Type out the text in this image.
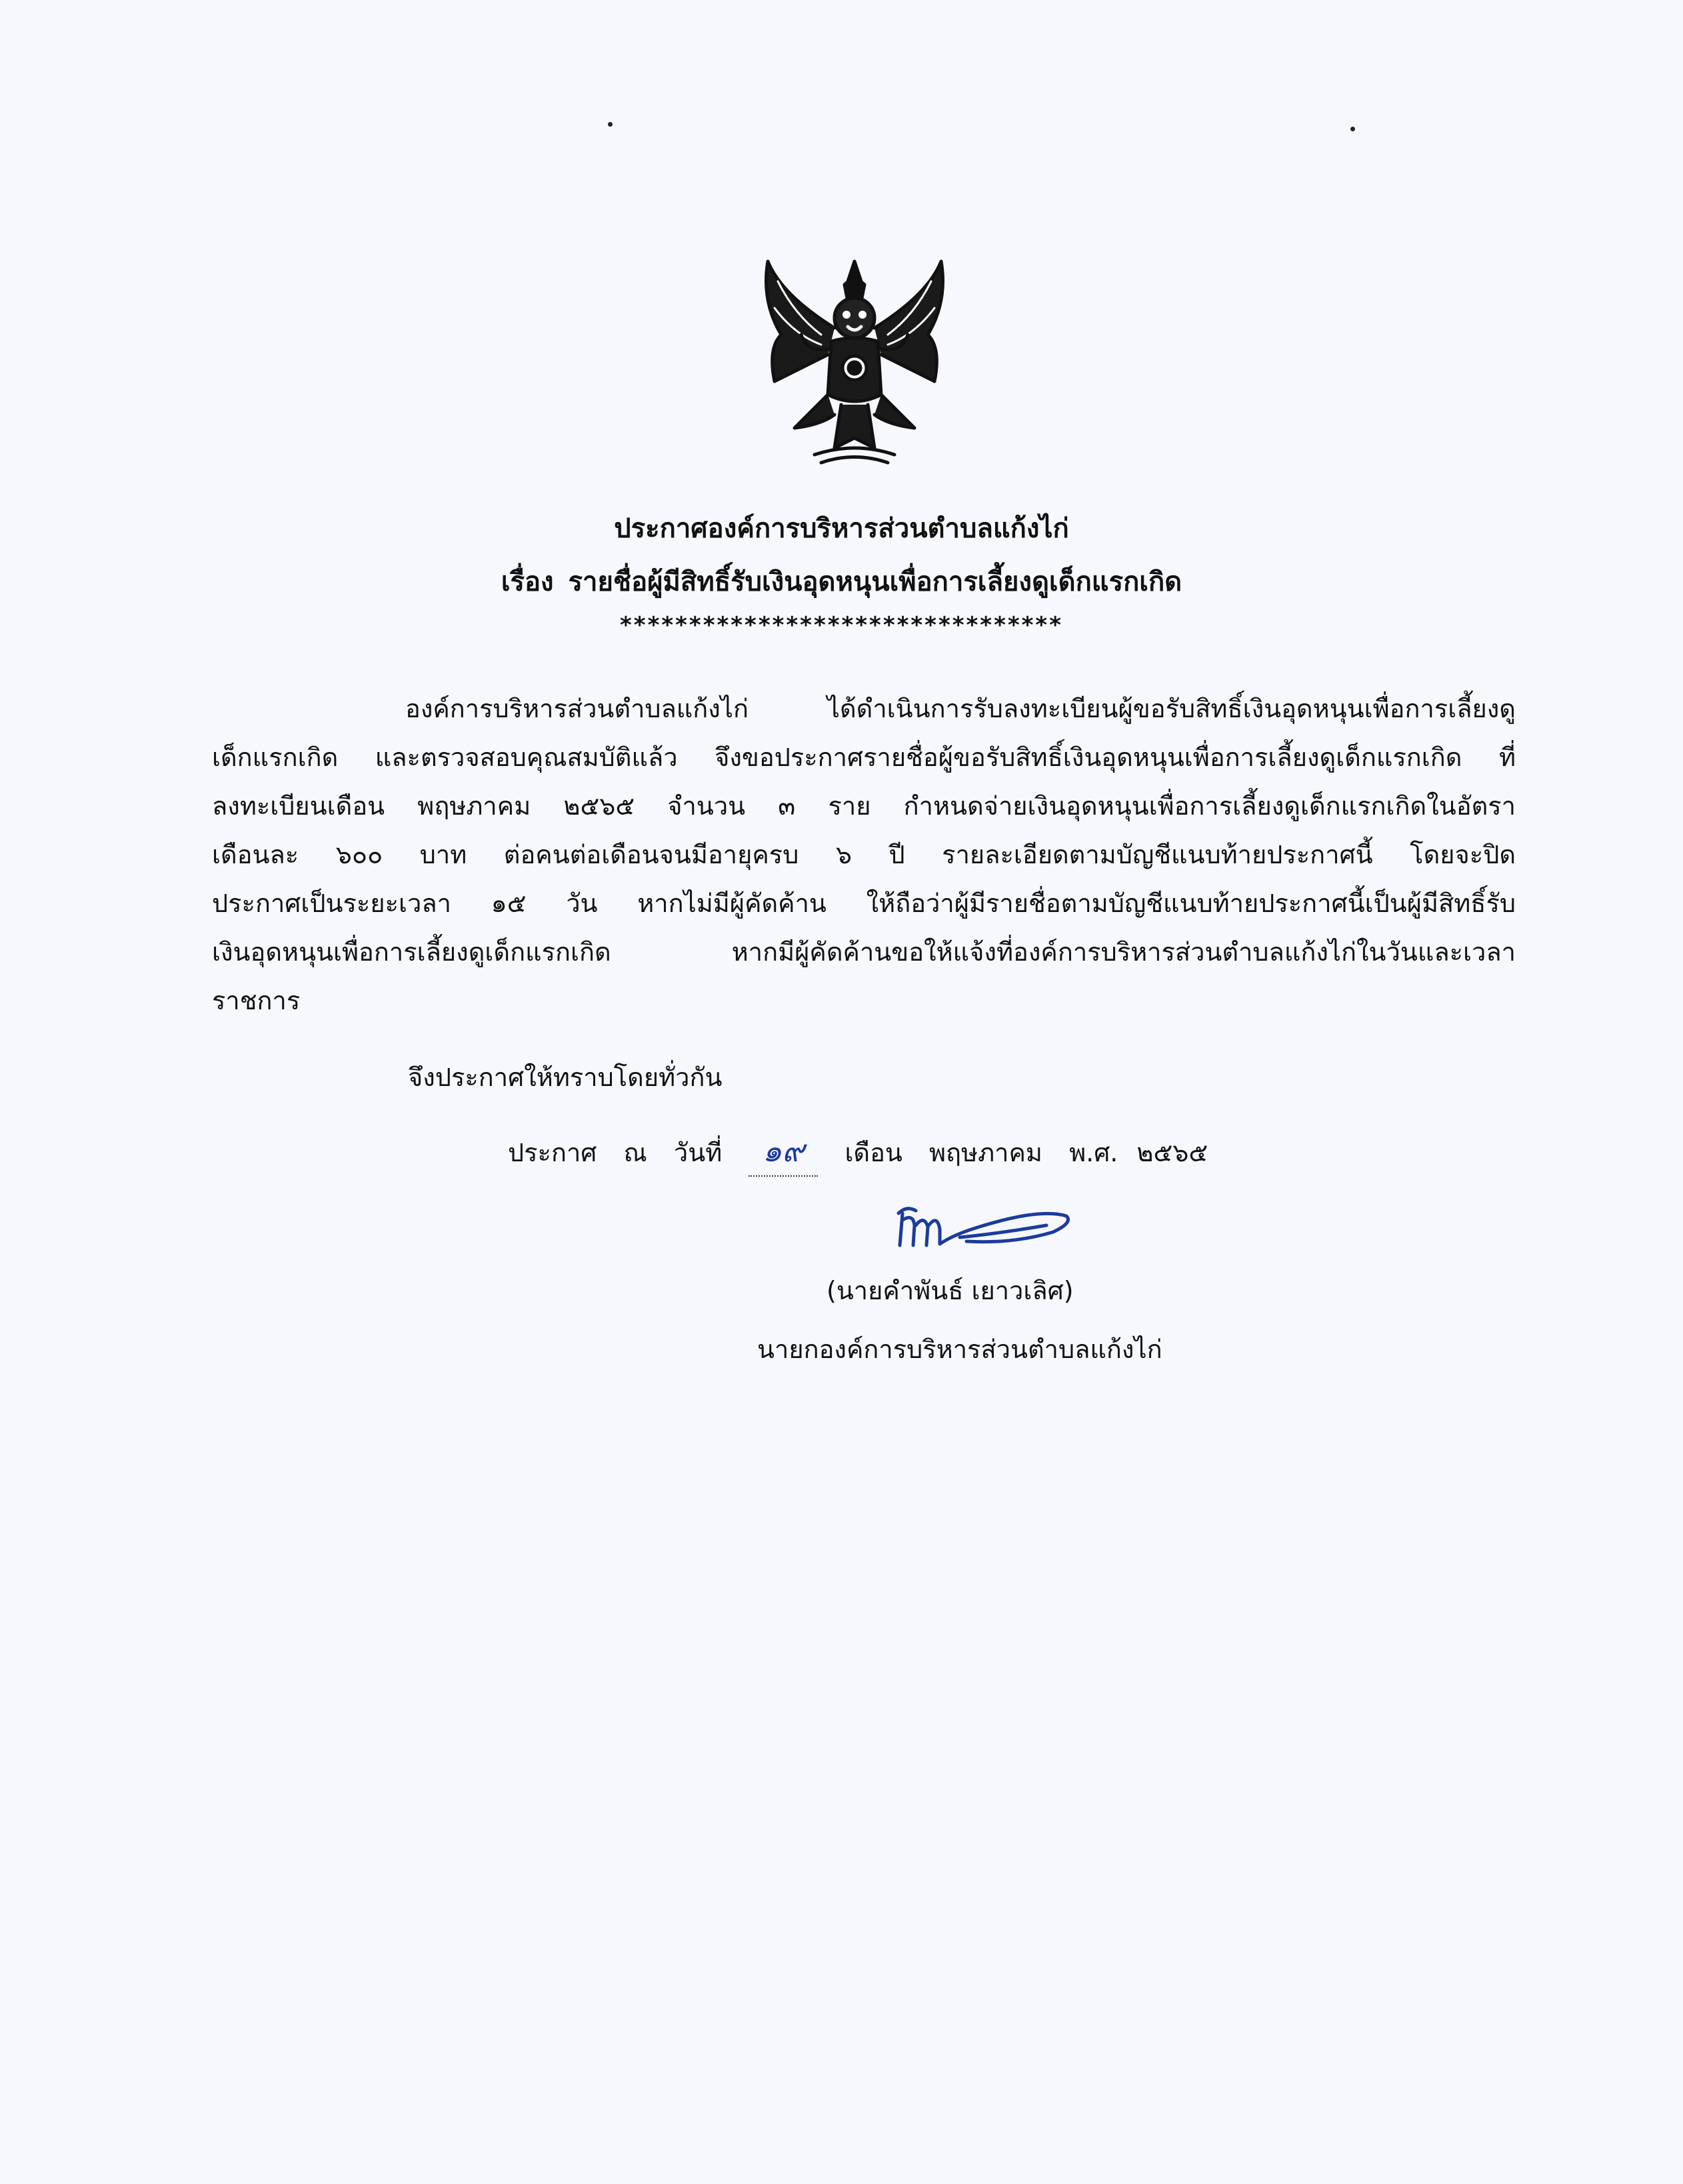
ประกาศองค์การบริหารส่วนตำบลแก้งไก่
เรื่อง รายชื่อผู้มีสิทธิ์รับเงินอุดหนุนเพื่อการเลี้ยงดูเด็กแรกเกิด
********************************
องค์การบริหารส่วนตำบลแก้งไก่ ได้ดำเนินการรับลงทะเบียนผู้ขอรับสิทธิ์เงินอุดหนุนเพื่อการเลี้ยงดู
เด็กแรกเกิด และตรวจสอบคุณสมบัติแล้ว จึงขอประกาศรายชื่อผู้ขอรับสิทธิ์เงินอุดหนุนเพื่อการเลี้ยงดูเด็กแรกเกิด ที่
ลงทะเบียนเดือน พฤษภาคม ๒๕๖๕ จำนวน ๓ ราย กำหนดจ่ายเงินอุดหนุนเพื่อการเลี้ยงดูเด็กแรกเกิดในอัตรา
เดือนละ ๖๐๐ บาท ต่อคนต่อเดือนจนมีอายุครบ ๖ ปี รายละเอียดตามบัญชีแนบท้ายประกาศนี้ โดยจะปิด
ประกาศเป็นระยะเวลา ๑๕ วัน หากไม่มีผู้คัดค้าน ให้ถือว่าผู้มีรายชื่อตามบัญชีแนบท้ายประกาศนี้เป็นผู้มีสิทธิ์รับ
เงินอุดหนุนเพื่อการเลี้ยงดูเด็กแรกเกิด หากมีผู้คัดค้านขอให้แจ้งที่องค์การบริหารส่วนตำบลแก้งไก่ในวันและเวลา
ราชการ
จึงประกาศให้ทราบโดยทั่วกัน
ประกาศ ณ วันที่ ๑๙ เดือน พฤษภาคม พ.ศ. ๒๕๖๕
(นายคำพันธ์ เยาวเลิศ)
นายกองค์การบริหารส่วนตำบลแก้งไก่
